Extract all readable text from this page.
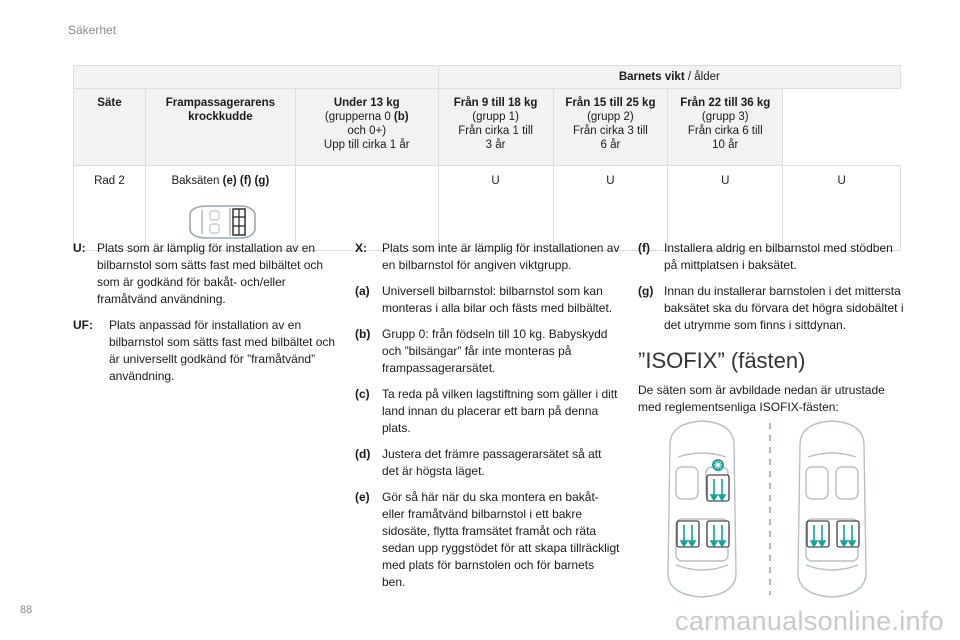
Säkerhet
			Barnets vikt / ålder			
Säte	Frampassagerarens krockkudde	Under 13 kg
(grupperna 0 (b)
och 0+)
Upp till cirka 1 år	Från 9 till 18 kg
(grupp 1)
Från cirka 1 till
3 år	Från 15 till 25 kg
(grupp 2)
Från cirka 3 till
6 år	Från 22 till 36 kg
(grupp 3)
Från cirka 6 till
10 år	
Rad 2	Baksäten (e) (f) (g)		U	U	U	U
U: Plats som är lämplig för installation av en bilbarnstol som sätts fast med bilbältet och som är godkänd för bakåt- och/eller framåtvänd användning.
UF:	Plats anpassad för installation av en bilbarnstol som sätts fast med bilbältet och är universellt godkänd för ”framåtvänd” användning.
X:	Plats som inte är lämplig för installationen av en bilbarnstol för angiven viktgrupp.
(a)	Universell bilbarnstol: bilbarnstol som kan monteras i alla bilar och fästs med bilbältet.
(b) Grupp 0: från födseln till 10 kg. Babyskydd och ”bilsängar” får inte monteras på frampassagerarsätet.
(c)	Ta reda på vilken lagstiftning som gäller i ditt land innan du placerar ett barn på denna plats.
(d) Justera det främre passagerarsätet så att det är högsta läget.
(e)	Gör så här när du ska montera en bakåt- eller framåtvänd bilbarnstol i ett bakre sidosäte, flytta framsätet framåt och räta sedan upp ryggstödet för att skapa tillräckligt med plats för barnstolen och för barnets ben.
(f)	Installera aldrig en bilbarnstol med stödben på mittplatsen i baksätet.
(g) Innan du installerar barnstolen i det mittersta baksätet ska du förvara det högra sidobältet i det utrymme som finns i sittdynan.
”ISOFIX” (fästen)
De säten som är avbildade nedan är utrustade med reglementsenliga ISOFIX-fästen:
88	carmanualsonline.info
